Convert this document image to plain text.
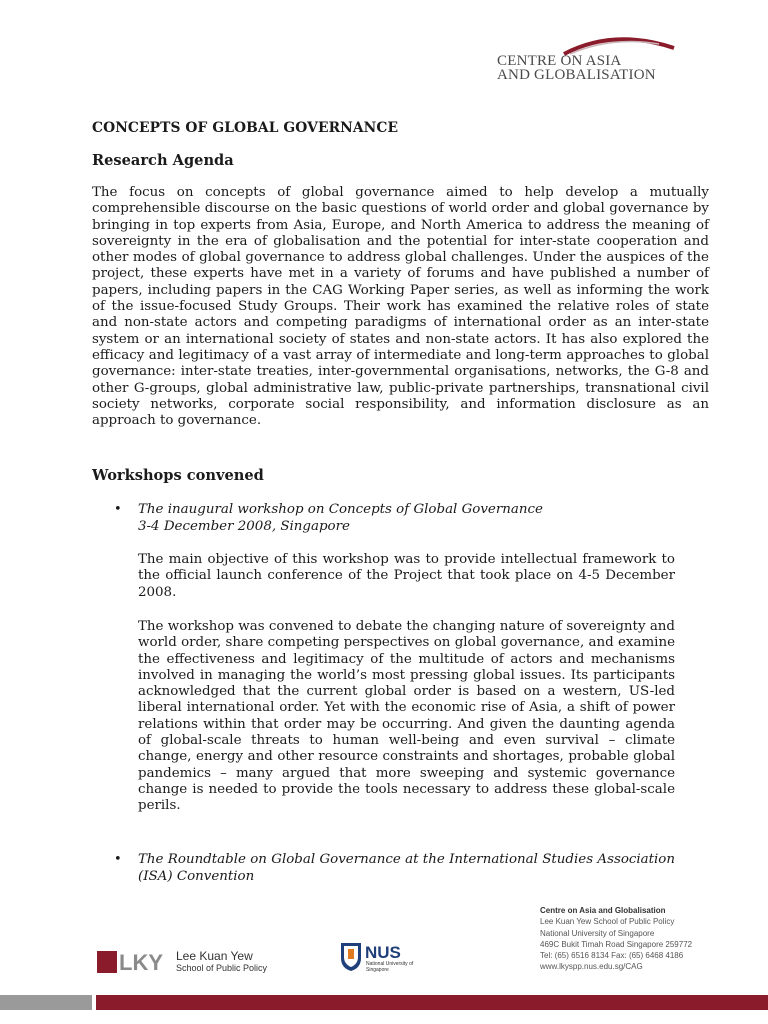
CENTRE ON ASIA
AND GLOBALISATION
CONCEPTS OF GLOBAL GOVERNANCE
Research Agenda

The focus on concepts of global governance aimed to help develop a mutually comprehensible discourse on the basic questions of world order and global governance by bringing in top experts from Asia, Europe, and North America to address the meaning of sovereignty in the era of globalisation and the potential for inter-state cooperation and other modes of global governance to address global challenges. Under the auspices of the project, these experts have met in a variety of forums and have published a number of papers, including papers in the CAG Working Paper series, as well as informing the work of the issue-focused Study Groups. Their work has examined the relative roles of state and non-state actors and competing paradigms of international order as an inter-state system or an international society of states and non-state actors. It has also explored the efficacy and legitimacy of a vast array of intermediate and long-term approaches to global governance: inter-state treaties, inter-governmental organisations, networks, the G-8 and other G-groups, global administrative law, public-private partnerships, transnational civil society networks, corporate social responsibility, and information disclosure as an approach to governance.

Workshops convened
• The inaugural workshop on Concepts of Global Governance

3-4 December 2008, Singapore

The main objective of this workshop was to provide intellectual framework to the official launch conference of the Project that took place on 4-5 December 2008.

The workshop was convened to debate the changing nature of sovereignty and world order, share competing perspectives on global governance, and examine the effectiveness and legitimacy of the multitude of actors and mechanisms involved in managing the world’s most pressing global issues. Its participants acknowledged that the current global order is based on a western, US-led liberal international order. Yet with the economic rise of Asia, a shift of power relations within that order may be occurring. And given the daunting agenda of global-scale threats to human well-being and even survival – climate change, energy and other resource constraints and shortages, probable global pandemics – many argued that more sweeping and systemic governance change is needed to provide the tools necessary to address these global-scale perils.

• The Roundtable on Global Governance at the International Studies Association (ISA) Convention

LKY Lee Kuan Yew
School of Public Policy
NUS
National University of Singapore
Centre on Asia and Globalisation
Lee Kuan Yew School of Public Policy
National University of Singapore
469C Bukit Timah Road Singapore 259772
Tel: (65) 6516 8134 Fax: (65) 6468 4186
www.lkyspp.nus.edu.sg/CAG
